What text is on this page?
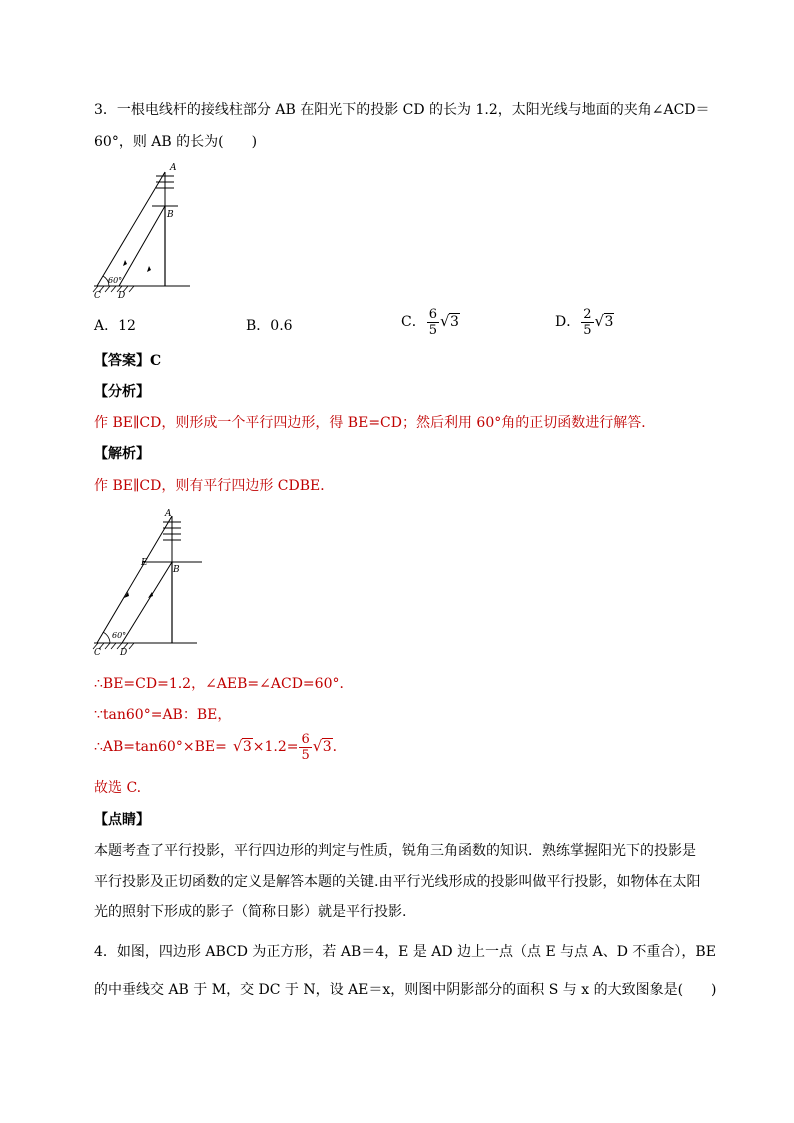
3．一根电线杆的接线柱部分 AB 在阳光下的投影 CD 的长为 1.2，太阳光线与地面的夹角∠ACD＝
60°，则 AB 的长为(　　)
A
B
C D
60°
A．12	B．0.6	C． $\frac{6}{5}$ √ 3	D． $\frac{2}{5}$ √ 3
【答案】C
【分析】
作 BE∥CD，则形成一个平行四边形，得 BE=CD；然后利用 60°角的正切函数进行解答．
【解析】
作 BE∥CD，则有平行四边形 CDBE．
A
B
E
C D
60°
∴BE=CD=1.2，∠AEB=∠ACD=60°．
∵tan60°=AB：BE，
∴AB=tan60°×BE= √ $3\times 1.2= \frac{6}{5}$ √ 3．
故选 C.
【点睛】
本题考查了平行投影，平行四边形的判定与性质，锐角三角函数的知识．熟练掌握阳光下的投影是
平行投影及正切函数的定义是解答本题的关键.由平行光线形成的投影叫做平行投影，如物体在太阳
光的照射下形成的影子（简称日影）就是平行投影.
4．如图，四边形 ABCD 为正方形，若 AB＝4，E 是 AD 边上一点（点 E 与点 A、D 不重合），BE
的中垂线交 AB 于 M，交 DC 于 N，设 AE＝x，则图中阴影部分的面积 S 与 x 的大致图象是(　　)
